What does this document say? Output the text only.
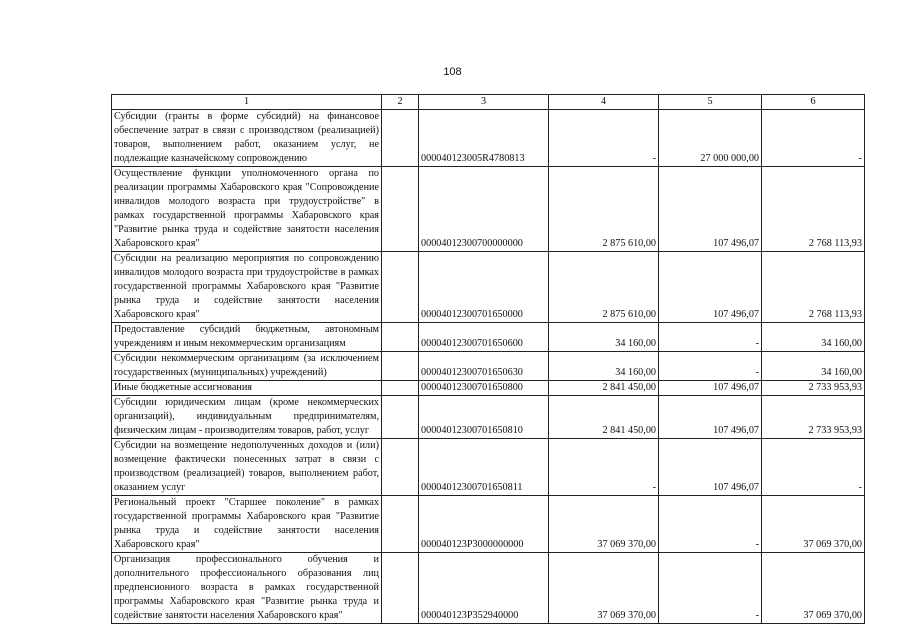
108
1	2	3	4	5	6
Субсидии (гранты в форме субсидий) на финансовое обеспечение затрат в связи с производством (реализацией) товаров, выполнением работ, оказанием услуг, не подлежащие казначейскому сопровождению		000040123005R4780813	-	27 000 000,00	-
Осуществление функции уполномоченного органа по реализации программы Хабаровского края "Сопровождение инвалидов молодого возраста при трудоустройстве" в рамках государственной программы Хабаровского края "Развитие рынка труда и содействие занятости населения Хабаровского края"		00004012300700000000	2 875 610,00	107 496,07	2 768 113,93
Субсидии на реализацию мероприятия по сопровождению инвалидов молодого возраста при трудоустройстве в рамках государственной программы Хабаровского края "Развитие рынка труда и содействие занятости населения Хабаровского края"		00004012300701650000	2 875 610,00	107 496,07	2 768 113,93
Предоставление субсидий бюджетным, автономным учреждениям и иным некоммерческим организациям		00004012300701650600	34 160,00	-	34 160,00
Субсидии некоммерческим организациям (за исключением государственных (муниципальных) учреждений)		00004012300701650630	34 160,00	-	34 160,00
Иные бюджетные ассигнования		00004012300701650800	2 841 450,00	107 496,07	2 733 953,93
Субсидии юридическим лицам (кроме некоммерческих организаций), индивидуальным предпринимателям, физическим лицам - производителям товаров, работ, услуг		00004012300701650810	2 841 450,00	107 496,07	2 733 953,93
Субсидии на возмещение недополученных доходов и (или) возмещение фактически понесенных затрат в связи с производством (реализацией) товаров, выполнением работ, оказанием услуг		00004012300701650811	-	107 496,07	-
Региональный проект "Старшее поколение" в рамках государственной программы Хабаровского края "Развитие рынка труда и содействие занятости населения Хабаровского края"		000040123P3000000000	37 069 370,00	-	37 069 370,00
Организация профессионального обучения и дополнительного профессионального образования лиц предпенсионного возраста в рамках государственной программы Хабаровского края "Развитие рынка труда и содействие занятости населения Хабаровского края"		000040123P352940000	37 069 370,00	-	37 069 370,00
